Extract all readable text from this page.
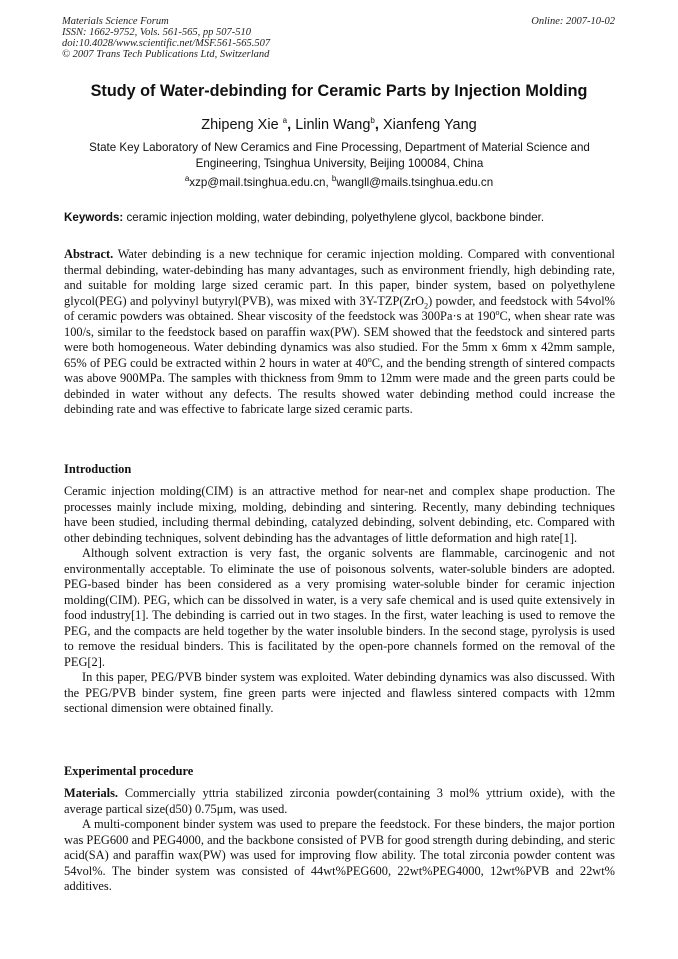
Materials Science Forum
ISSN: 1662-9752, Vols. 561-565, pp 507-510
doi:10.4028/www.scientific.net/MSF.561-565.507
© 2007 Trans Tech Publications Ltd, Switzerland
Online: 2007-10-02
Study of Water-debinding for Ceramic Parts by Injection Molding
Zhipeng Xie $^a$, Linlin Wang$^b$, Xianfeng Yang
State Key Laboratory of New Ceramics and Fine Processing, Department of Material Science and Engineering, Tsinghua University, Beijing 100084, China
$^a$xzp@mail.tsinghua.edu.cn, $^b$wangll@mails.tsinghua.edu.cn
Keywords: ceramic injection molding, water debinding, polyethylene glycol, backbone binder.

Abstract. Water debinding is a new technique for ceramic injection molding. Compared with conventional thermal debinding, water-debinding has many advantages, such as environment friendly, high debinding rate, and suitable for molding large sized ceramic part. In this paper, binder system, based on polyethylene glycol(PEG) and polyvinyl butyryl(PVB), was mixed with 3Y-TZP(ZrO$_2$) powder, and feedstock with 54vol% of ceramic powders was obtained. Shear viscosity of the feedstock was 300Pa·s at 190$^o$C, when shear rate was 100/s, similar to the feedstock based on paraffin wax(PW). SEM showed that the feedstock and sintered parts were both homogeneous. Water debinding dynamics was also studied. For the 5mm x 6mm x 42mm sample, 65% of PEG could be extracted within 2 hours in water at 40$^o$C, and the bending strength of sintered compacts was above 900MPa. The samples with thickness from 9mm to 12mm were made and the green parts could be debinded in water without any defects. The results showed water debinding method could increase the debinding rate and was effective to fabricate large sized ceramic parts.

Introduction

Ceramic injection molding(CIM) is an attractive method for near-net and complex shape production. The processes mainly include mixing, molding, debinding and sintering. Recently, many debinding techniques have been studied, including thermal debinding, catalyzed debinding, solvent debinding, etc. Compared with other debinding techniques, solvent debinding has the advantages of little deformation and high rate[1].

Although solvent extraction is very fast, the organic solvents are flammable, carcinogenic and not environmentally acceptable. To eliminate the use of poisonous solvents, water-soluble binders are adopted. PEG-based binder has been considered as a very promising water-soluble binder for ceramic injection molding(CIM). PEG, which can be dissolved in water, is a very safe chemical and is used quite extensively in food industry[1]. The debinding is carried out in two stages. In the first, water leaching is used to remove the PEG, and the compacts are held together by the water insoluble binders. In the second stage, pyrolysis is used to remove the residual binders. This is facilitated by the open-pore channels formed on the removal of the PEG[2].

In this paper, PEG/PVB binder system was exploited. Water debinding dynamics was also discussed. With the PEG/PVB binder system, fine green parts were injected and flawless sintered compacts with 12mm sectional dimension were obtained finally.

Experimental procedure

Materials. Commercially yttria stabilized zirconia powder(containing 3 mol% yttrium oxide), with the average partical size(d50) 0.75μm, was used.

A multi-component binder system was used to prepare the feedstock. For these binders, the major portion was PEG600 and PEG4000, and the backbone consisted of PVB for good strength during debinding, and steric acid(SA) and paraffin wax(PW) was used for improving flow ability. The total zirconia powder content was 54vol%. The binder system was consisted of 44wt%PEG600, 22wt%PEG4000, 12wt%PVB and 22wt% additives.
